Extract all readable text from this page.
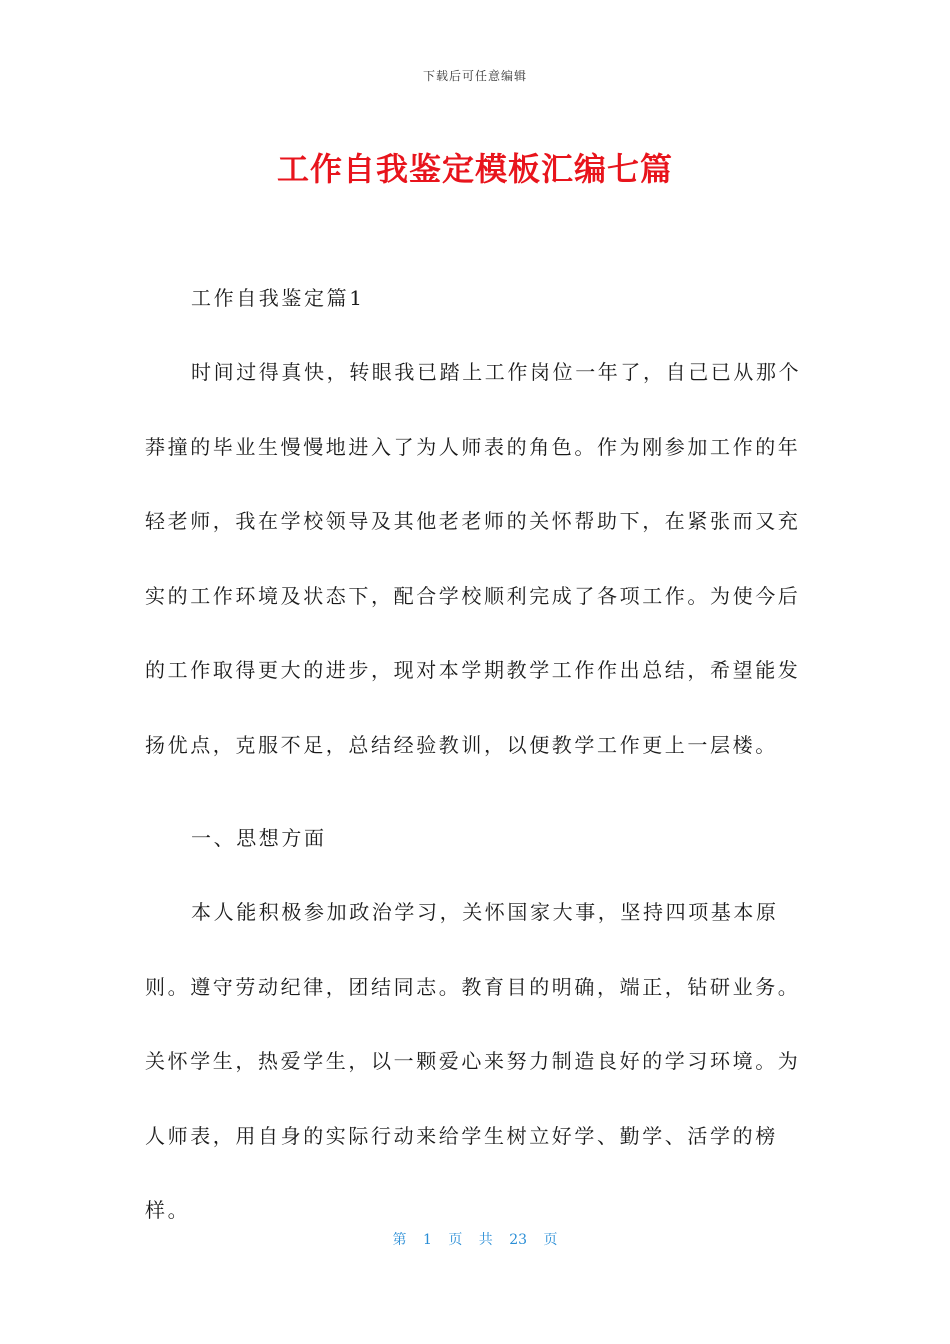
下载后可任意编辑
工作自我鉴定模板汇编七篇

工作自我鉴定篇1

时间过得真快，转眼我已踏上工作岗位一年了，自己已从那个莽撞的毕业生慢慢地进入了为人师表的角色。作为刚参加工作的年轻老师，我在学校领导及其他老老师的关怀帮助下，在紧张而又充实的工作环境及状态下，配合学校顺利完成了各项工作。为使今后的工作取得更大的进步，现对本学期教学工作作出总结，希望能发扬优点，克服不足，总结经验教训，以便教学工作更上一层楼。

一、思想方面

本人能积极参加政治学习，关怀国家大事，坚持四项基本原则。遵守劳动纪律，团结同志。教育目的明确，端正，钻研业务。关怀学生，热爱学生，以一颗爱心来努力制造良好的学习环境。为人师表，用自身的实际行动来给学生树立好学、勤学、活学的榜样。

第 1 页 共 23 页
